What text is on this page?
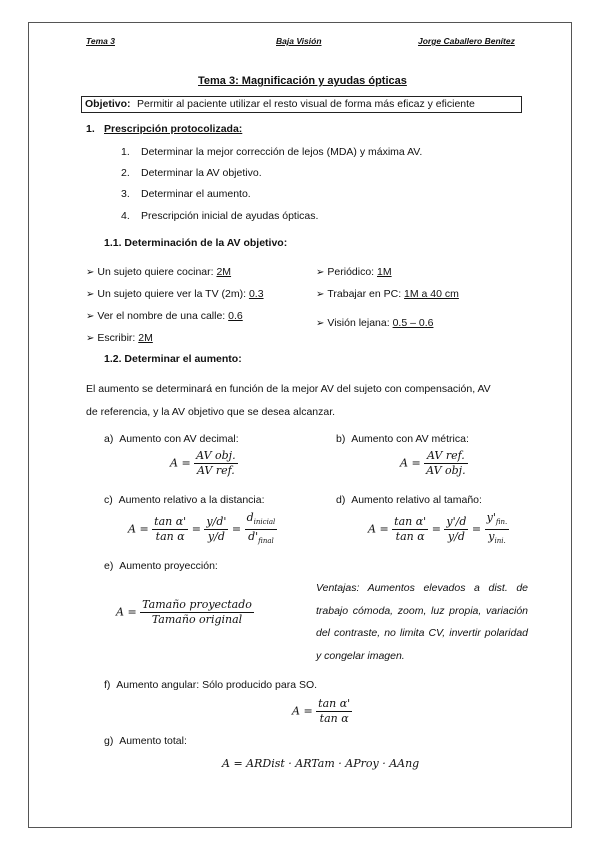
Tema 3	Baja Visión	Jorge Caballero Benítez
Tema 3: Magnificación y ayudas ópticas
Objetivo: Permitir al paciente utilizar el resto visual de forma más eficaz y eficiente
1. Prescripción protocolizada:
1. Determinar la mejor corrección de lejos (MDA) y máxima AV.
2. Determinar la AV objetivo.
3. Determinar el aumento.
4. Prescripción inicial de ayudas ópticas.
1.1. Determinación de la AV objetivo:
➢ Un sujeto quiere cocinar: 2M
➢ Un sujeto quiere ver la TV (2m): 0.3
➢ Ver el nombre de una calle: 0.6
➢ Escribir: 2M
➢ Periódico: 1M
➢ Trabajar en PC: 1M a 40 cm
➢ Visión lejana: 0.5 – 0.6
1.2. Determinar el aumento:
El aumento se determinará en función de la mejor AV del sujeto con compensación, AV
de referencia, y la AV objetivo que se desea alcanzar.
a) Aumento con AV decimal:
$A = \frac{\text{AV obj.}}{\text{AV ref.}}$
b) Aumento con AV métrica:
$A = \frac{\text{AV ref.}}{\text{AV obj.}}$
c) Aumento relativo a la distancia:
$A = \frac{\text{tan α'}}{\text{tan α}} = \frac{y/d'}{y/d} = \frac{d_{inicial}}{d'_{final}}$
d) Aumento relativo al tamaño:
$A = \frac{\text{tan α'}}{\text{tan α}} = \frac{y'/d}{y/d} = \frac{y'_{fin.}}{y_{ini.}}$
e) Aumento proyección:
$A = \frac{\text{Tamaño proyectado}}{\text{Tamaño original}}$
Ventajas: Aumentos elevados a dist. de trabajo cómoda, zoom, luz propia, variación del contraste, no limita CV, invertir polaridad y congelar imagen.
f) Aumento angular: Sólo producido para SO.
$A = \frac{\text{tan α'}}{\text{tan α}}$
g) Aumento total:
A = ARDist · ARTam · AProy · AAng
